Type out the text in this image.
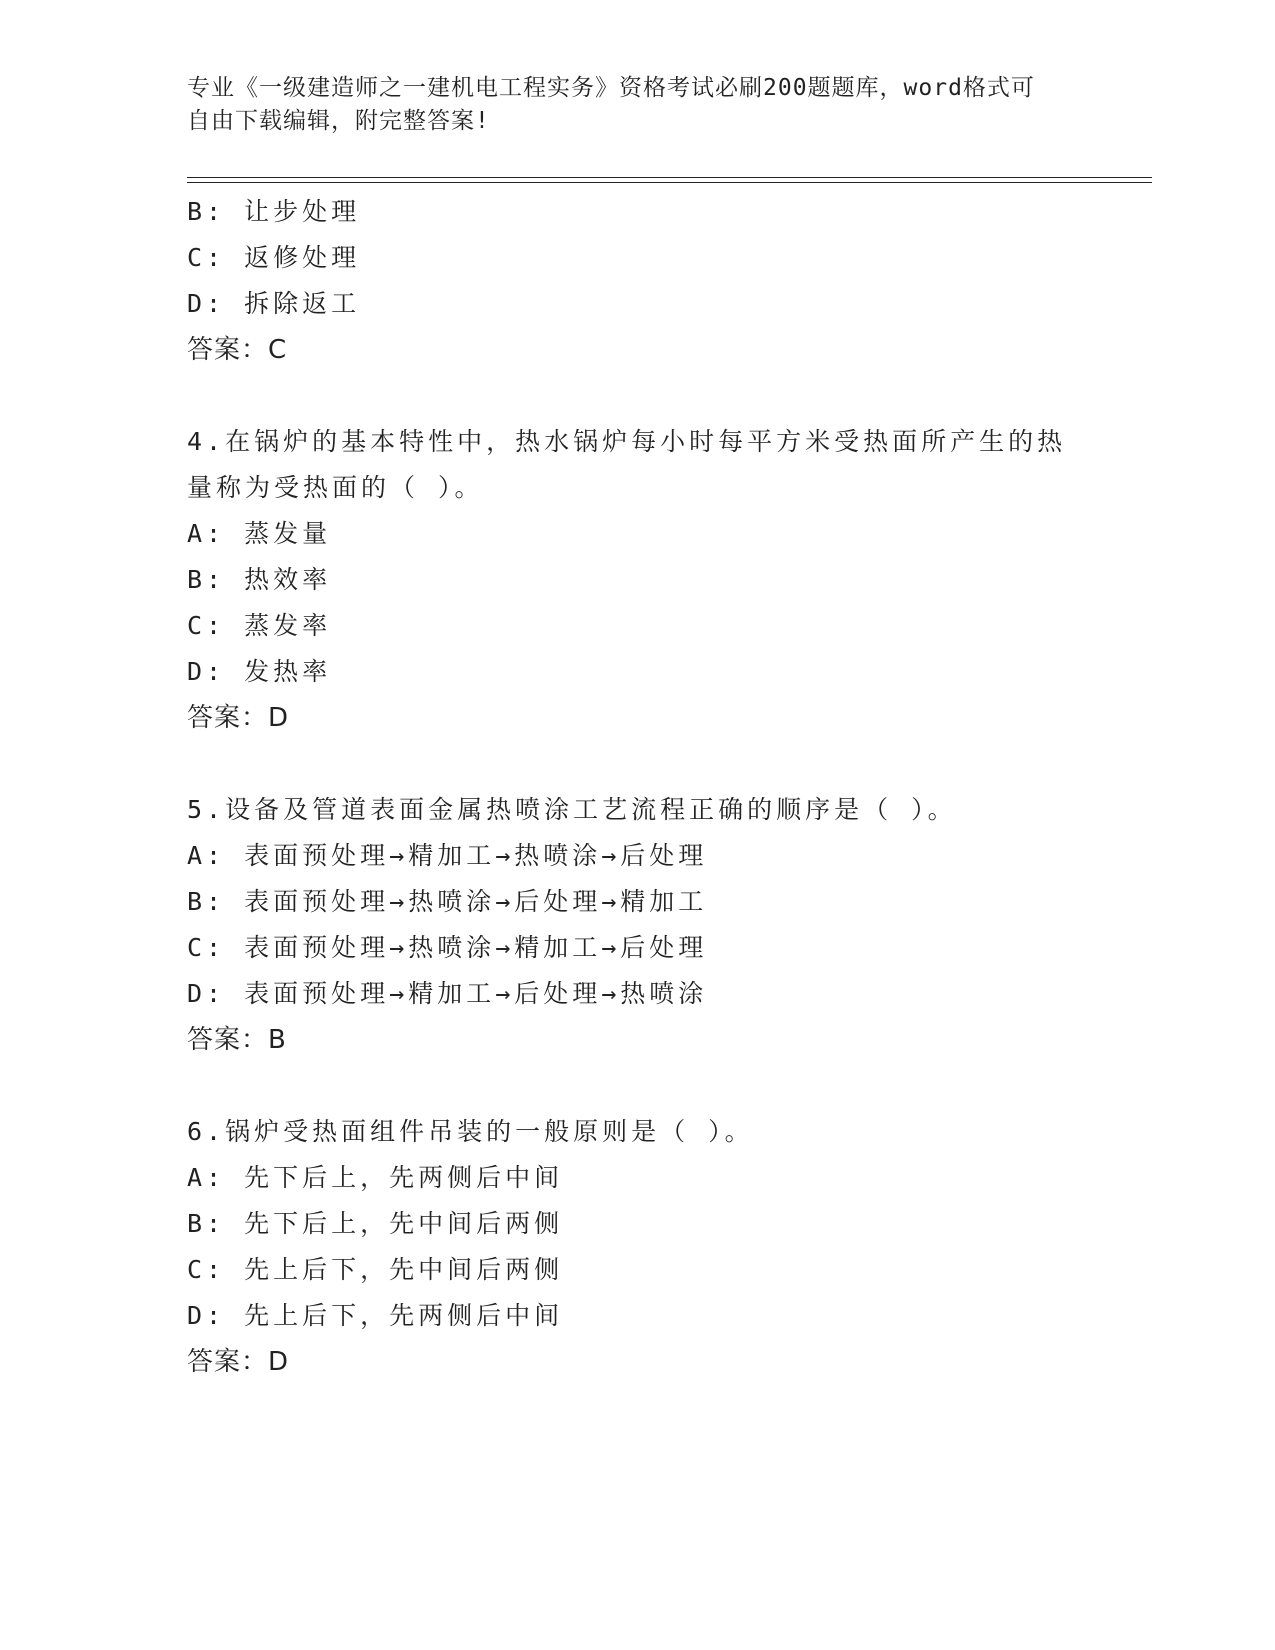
专业《一级建造师之一建机电工程实务》资格考试必刷200题题库，word格式可
自由下载编辑，附完整答案!
B: 让步处理
C: 返修处理
D: 拆除返工
答案：C
4.在锅炉的基本特性中，热水锅炉每小时每平方米受热面所产生的热
量称为受热面的（ ）。
A: 蒸发量
B: 热效率
C: 蒸发率
D: 发热率
答案：D
5.设备及管道表面金属热喷涂工艺流程正确的顺序是（ ）。
A: 表面预处理→精加工→热喷涂→后处理
B: 表面预处理→热喷涂→后处理→精加工
C: 表面预处理→热喷涂→精加工→后处理
D: 表面预处理→精加工→后处理→热喷涂
答案：B
6.锅炉受热面组件吊装的一般原则是（ ）。
A: 先下后上，先两侧后中间
B: 先下后上，先中间后两侧
C: 先上后下，先中间后两侧
D: 先上后下，先两侧后中间
答案：D
